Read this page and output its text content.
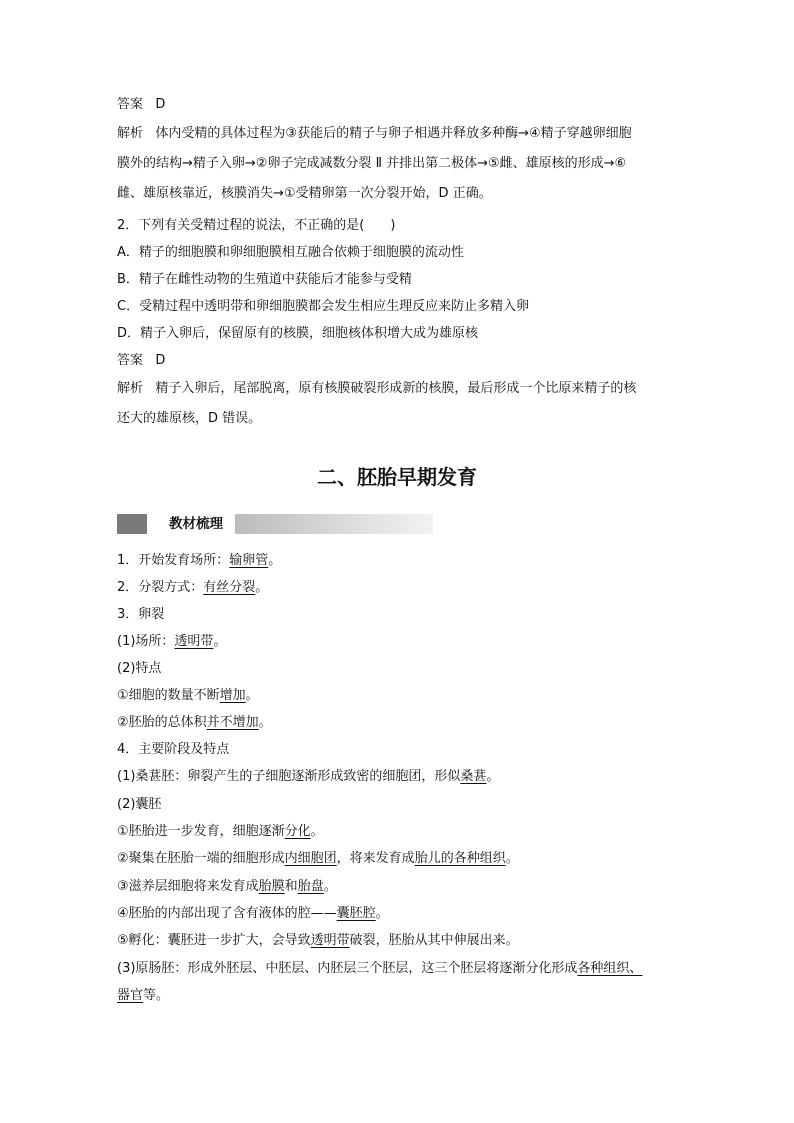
答案 D

解析 体内受精的具体过程为③获能后的精子与卵子相遇并释放多种酶→④精子穿越卵细胞

膜外的结构→精子入卵→②卵子完成减数分裂 Ⅱ 并排出第二极体→⑤雌、雄原核的形成→⑥

雌、雄原核靠近，核膜消失→①受精卵第一次分裂开始，D 正确。

2．下列有关受精过程的说法，不正确的是(　　)

A．精子的细胞膜和卵细胞膜相互融合依赖于细胞膜的流动性

B．精子在雌性动物的生殖道中获能后才能参与受精

C．受精过程中透明带和卵细胞膜都会发生相应生理反应来防止多精入卵

D．精子入卵后，保留原有的核膜，细胞核体积增大成为雄原核

答案 D

解析 精子入卵后，尾部脱离，原有核膜破裂形成新的核膜，最后形成一个比原来精子的核

还大的雄原核，D 错误。

二、胚胎早期发育
教材梳理

1．开始发育场所：输卵管。

2．分裂方式：有丝分裂。

3．卵裂

(1)场所：透明带。

(2)特点

①细胞的数量不断增加。

②胚胎的总体积并不增加。

4．主要阶段及特点

(1)桑葚胚：卵裂产生的子细胞逐渐形成致密的细胞团，形似桑葚。

(2)囊胚

①胚胎进一步发育，细胞逐渐分化。

②聚集在胚胎一端的细胞形成内细胞团，将来发育成胎儿的各种组织。

③滋养层细胞将来发育成胎膜和胎盘。

④胚胎的内部出现了含有液体的腔——囊胚腔。

⑤孵化：囊胚进一步扩大，会导致透明带破裂，胚胎从其中伸展出来。

(3)原肠胚：形成外胚层、中胚层、内胚层三个胚层，这三个胚层将逐渐分化形成各种组织、

器官等。
